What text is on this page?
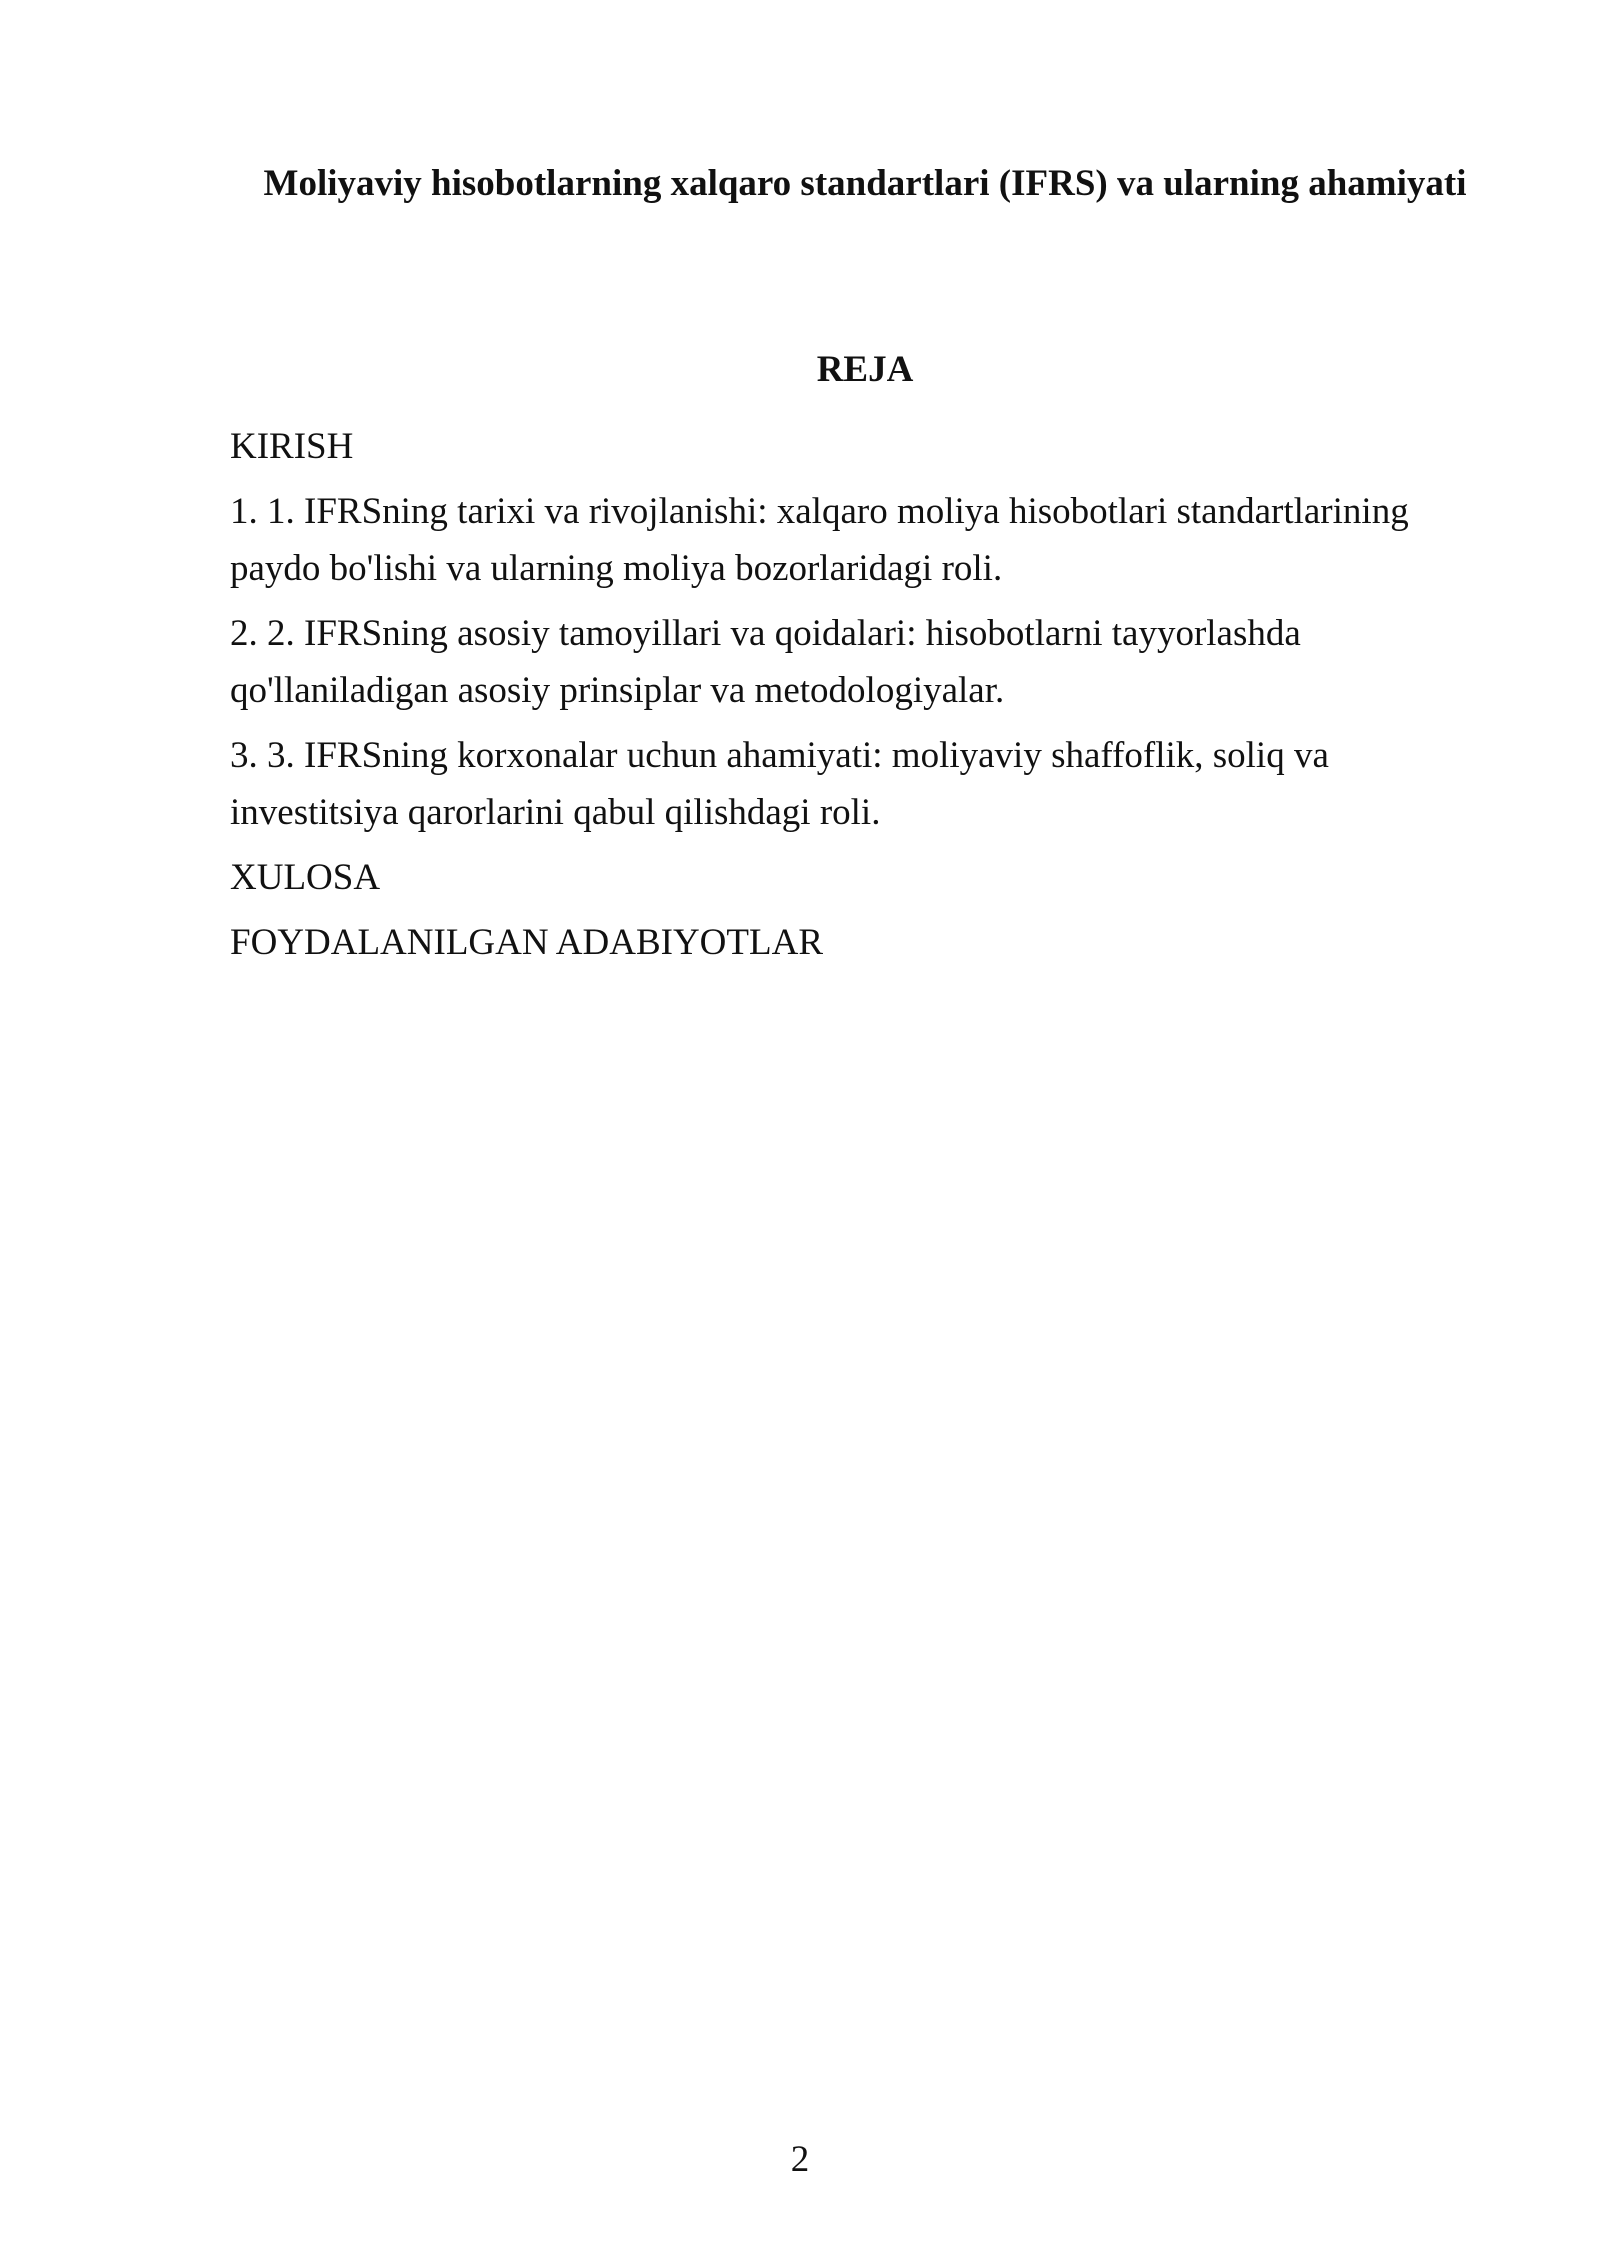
Moliyaviy hisobotlarning xalqaro standartlari (IFRS) va ularning ahamiyati
REJA
KIRISH
1. 1. IFRSning tarixi va rivojlanishi: xalqaro moliya hisobotlari standartlarining paydo bo'lishi va ularning moliya bozorlaridagi roli.
2. 2. IFRSning asosiy tamoyillari va qoidalari: hisobotlarni tayyorlashda qo'llaniladigan asosiy prinsiplar va metodologiyalar.
3. 3. IFRSning korxonalar uchun ahamiyati: moliyaviy shaffoflik, soliq va investitsiya qarorlarini qabul qilishdagi roli.
XULOSA
FOYDALANILGAN ADABIYOTLAR
2
